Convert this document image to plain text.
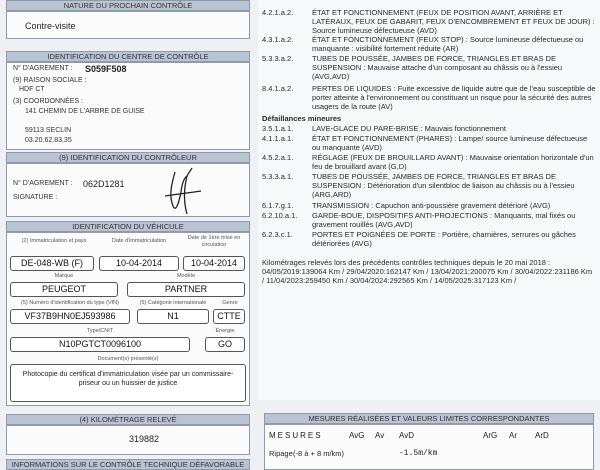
NATURE DU PROCHAIN CONTRÔLE
Contre-visite
IDENTIFICATION DU CENTRE DE CONTRÔLE
N° D'AGREMENT : S059F508
(9) RAISON SOCIALE :
HDF CT
(3) COORDONNÉES :
141 CHEMIN DE L'ARBRE DE GUISE
59113 SECLIN
03.20.62.83.35
(9) IDENTIFICATION DU CONTRÔLEUR
N° D'AGREMENT : 062D1281
SIGNATURE :
IDENTIFICATION DU VÉHICULE
(2) Immatriculation et pays	Date d'immatriculation	Date de 1ère mise en circulation
DE-048-WB (F)	10-04-2014	10-04-2014
Marque	Modèle
PEUGEOT	PARTNER
(5) Numéro d'identification du type (VIN)	(5) Catégorie internationale	Genre
VF37B9HN0EJ593986	N1	CTTE
Type/CNIT	Énergie
N10PGTCT0096100	GO
Document(s) présenté(s)
Photocopie du certificat d'immatriculation visée par un commissaire-priseur ou un huissier de justice
(4) KILOMÉTRAGE RELEVÉ
319882
INFORMATIONS SUR LE CONTRÔLE TECHNIQUE DÉFAVORABLE
4.2.1.a.2. ÉTAT ET FONCTIONNEMENT (FEUX DE POSITION AVANT, ARRIÈRE ET LATÉRAUX, FEUX DE GABARIT, FEUX D'ENCOMBREMENT ET FEUX DE JOUR) : Source lumineuse défectueuse (AVD)
4.3.1.a.2. ÉTAT ET FONCTIONNEMENT (FEUX STOP) : Source lumineuse défectueuse ou manquante : visibilité fortement réduite (AR)
5.3.3.a.2. TUBES DE POUSSÉE, JAMBES DE FORCE, TRIANGLES ET BRAS DE SUSPENSION : Mauvaise attache d'un composant au châssis ou à l'essieu (AVG,AVD)
8.4.1.a.2. PERTES DE LIQUIDES : Fuite excessive de liquide autre que de l'eau susceptible de porter atteinte à l'environnement ou constituant un risque pour la sécurité des autres usagers de la route (AV)
Défaillances mineures
3.5.1.a.1. LAVE-GLACE DU PARE-BRISE : Mauvais fonctionnement
4.1.1.a.1. ÉTAT ET FONCTIONNEMENT (PHARES) : Lampe/ source lumineuse défectueuse ou manquante (AVD)
4.5.2.a.1. RÉGLAGE (FEUX DE BROUILLARD AVANT) : Mauvaise orientation horizontale d'un feu de brouillard avant (G,D)
5.3.3.a.1. TUBES DE POUSSÉE, JAMBES DE FORCE, TRIANGLES ET BRAS DE SUSPENSION : Détérioration d'un silentbloc de liaison au châssis ou à l'essieu (ARG,ARD)
6.1.7.g.1. TRANSMISSION : Capuchon anti-poussière gravement détérioré (AVG)
6.2.10.a.1. GARDE-BOUE, DISPOSITIFS ANTI-PROJECTIONS : Manquants, mal fixés ou gravement rouillés (AVG,AVD)
6.2.3.c.1.	PORTES ET POIGNÉES DE PORTE : Portière, charnières, serrures ou gâches détériorées (AVG)
Kilométrages relevés lors des précédents contrôles techniques depuis le 20 mai 2018 :
04/05/2019:139064 Km / 29/04/2020:162147 Km / 13/04/2021:200075 Km / 30/04/2022:231186 Km / 11/04/2023:259450 Km / 30/04/2024:292565 Km / 14/05/2025:317123 Km /
MESURES RÉALISÉES ET VALEURS LIMITES CORRESPONDANTES
MESURES	AvG Av AvD	ArG Ar ArD
Ripage (-8 à + 8 m/km)	-1.5m/km
